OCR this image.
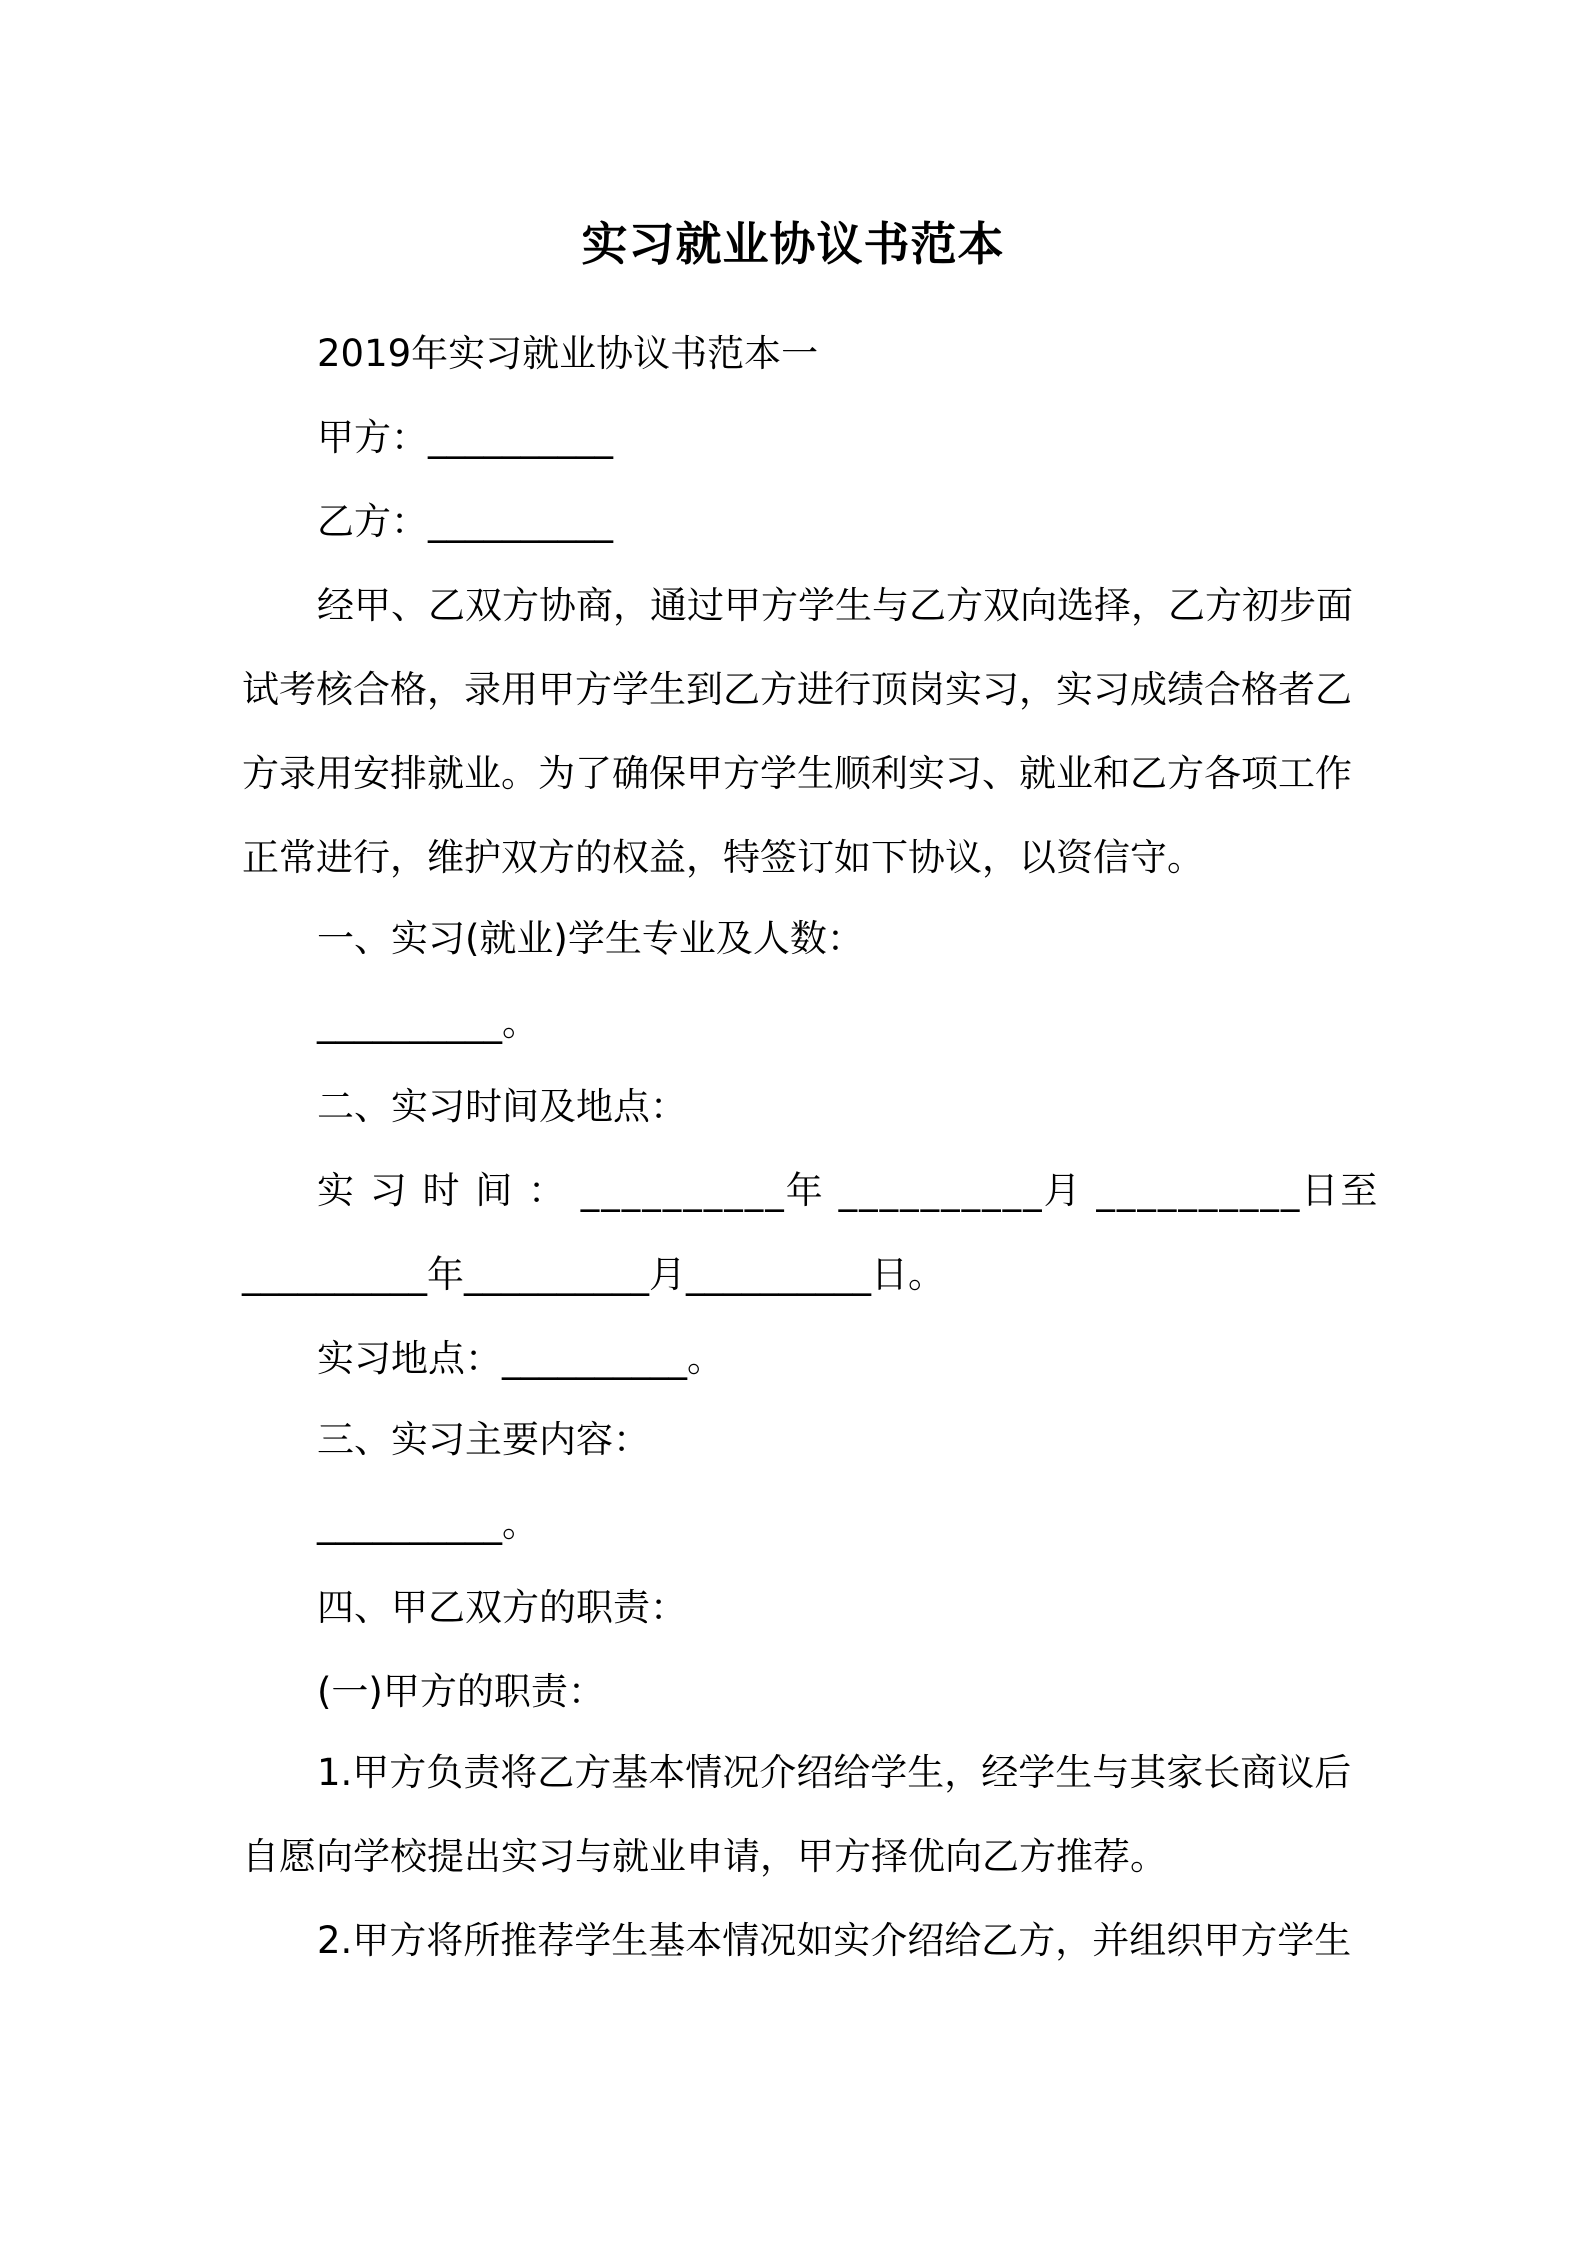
实习就业协议书范本
2019年实习就业协议书范本一
甲方：__________
乙方：__________
经甲、乙双方协商，通过甲方学生与乙方双向选择，乙方初步面
试考核合格，录用甲方学生到乙方进行顶岗实习，实习成绩合格者乙
方录用安排就业。为了确保甲方学生顺利实习、就业和乙方各项工作
正常进行，维护双方的权益，特签订如下协议，以资信守。
一、实习(就业)学生专业及人数：
__________。
二、实习时间及地点：
实 习 时 间 ： __________年 __________月 __________日至
__________年__________月__________日。
实习地点：__________。
三、实习主要内容：
__________。
四、甲乙双方的职责：
(一)甲方的职责：
1.甲方负责将乙方基本情况介绍给学生，经学生与其家长商议后
自愿向学校提出实习与就业申请，甲方择优向乙方推荐。
2.甲方将所推荐学生基本情况如实介绍给乙方，并组织甲方学生
